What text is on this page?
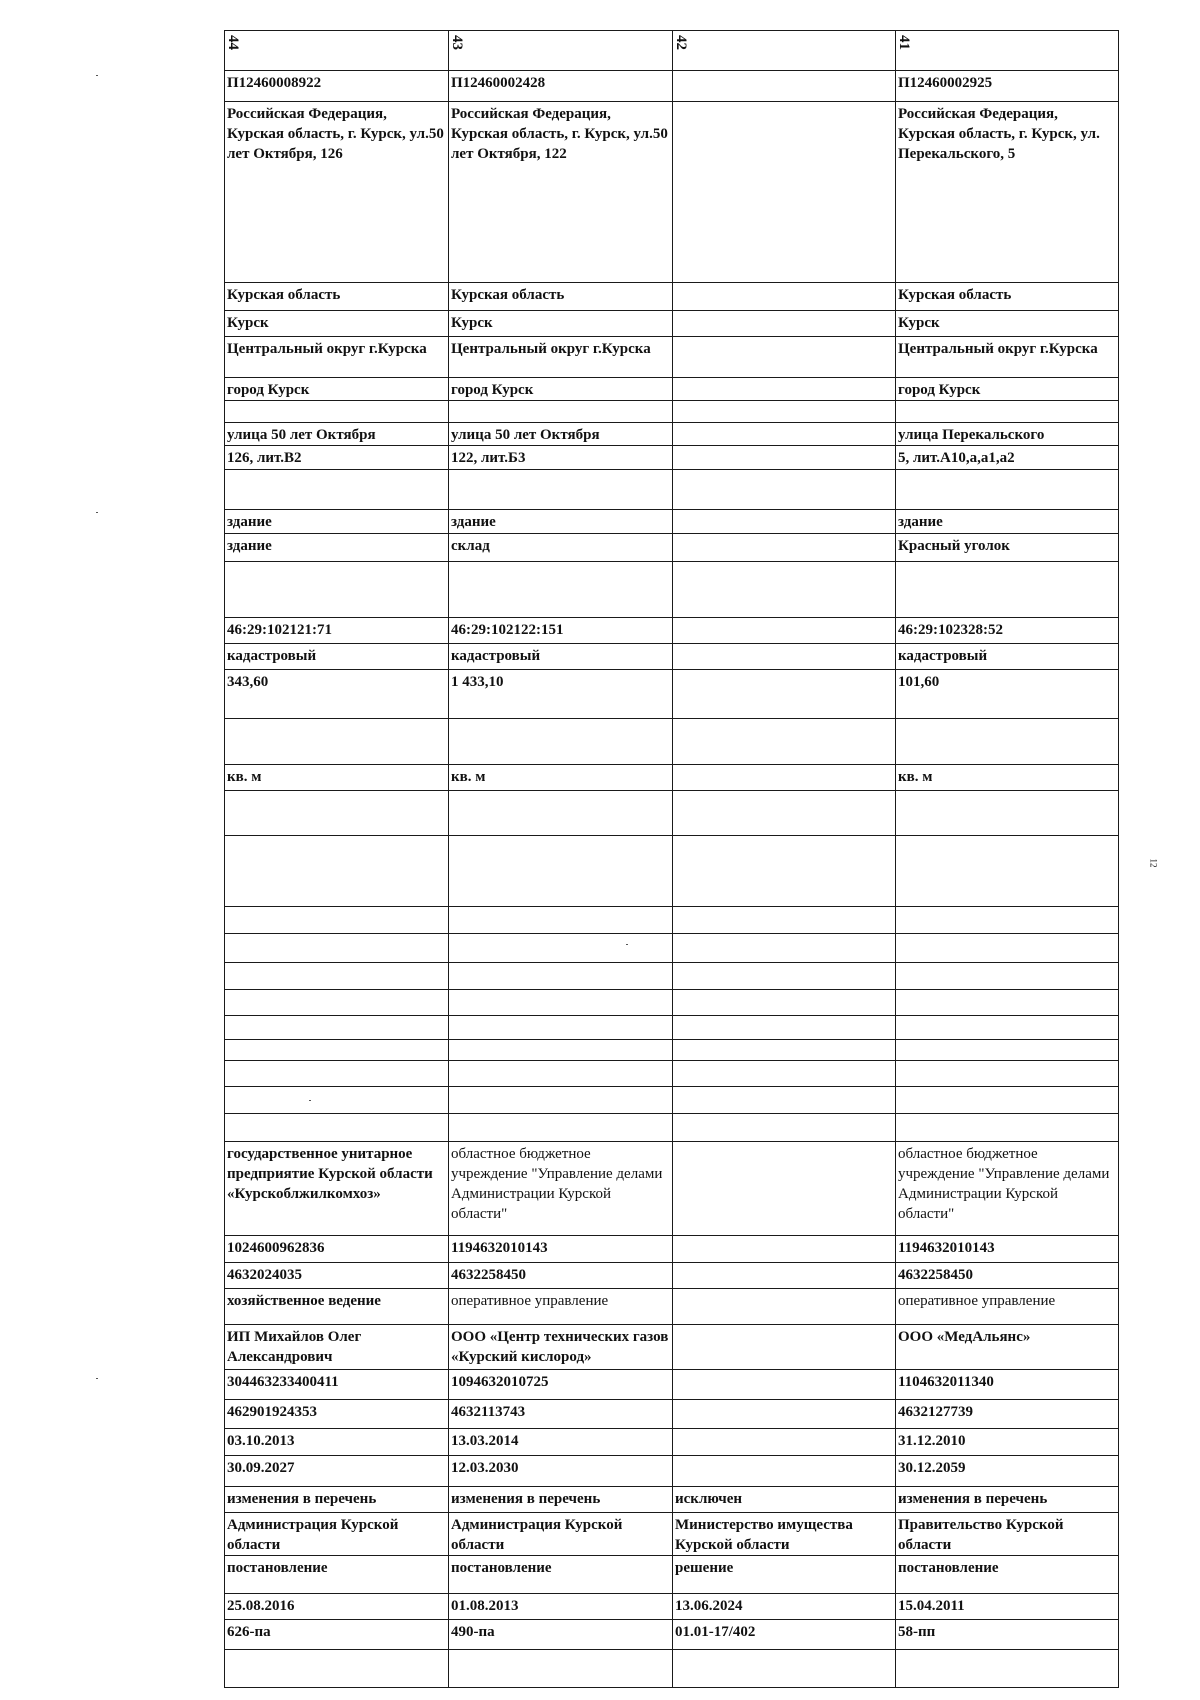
44	43	42	41
П12460008922	П12460002428		П12460002925
Российская Федерация, Курская область, г. Курск, ул.50 лет Октября, 126	Российская Федерация, Курская область, г. Курск, ул.50 лет Октября, 122		Российская Федерация, Курская область, г. Курск, ул. Перекальского, 5
Курская область	Курская область		Курская область
Курск	Курск		Курск
Центральный округ г.Курска	Центральный округ г.Курска		Центральный округ г.Курска
город Курск	город Курск		город Курск

улица 50 лет Октября	улица 50 лет Октября		улица Перекальского
126, лит.В2	122, лит.Б3		5, лит.А10,а,а1,а2

здание	здание		здание
здание	склад		Красный уголок

46:29:102121:71	46:29:102122:151		46:29:102328:52
кадастровый	кадастровый		кадастровый
343,60	1 433,10		101,60

кв. м	кв. м		кв. м

государственное унитарное предприятие Курской области «Курскоблжилкомхоз»	областное бюджетное учреждение "Управление делами Администрации Курской области"		областное бюджетное учреждение "Управление делами Администрации Курской области"
1024600962836	1194632010143		1194632010143
4632024035	4632258450		4632258450
хозяйственное ведение	оперативное управление		оперативное управление
ИП Михайлов Олег Александрович	ООО «Центр технических газов «Курский кислород»		ООО «МедАльянс»
304463233400411	1094632010725		1104632011340
462901924353	4632113743		4632127739
03.10.2013	13.03.2014		31.12.2010
30.09.2027	12.03.2030		30.12.2059
изменения в перечень	изменения в перечень	исключен	изменения в перечень
Администрация Курской области	Администрация Курской области	Министерство имущества Курской области	Правительство Курской области
постановление	постановление	решение	постановление
25.08.2016	01.08.2013	13.06.2024	15.04.2011
626-па	490-па	01.01-17/402	58-пп

12
